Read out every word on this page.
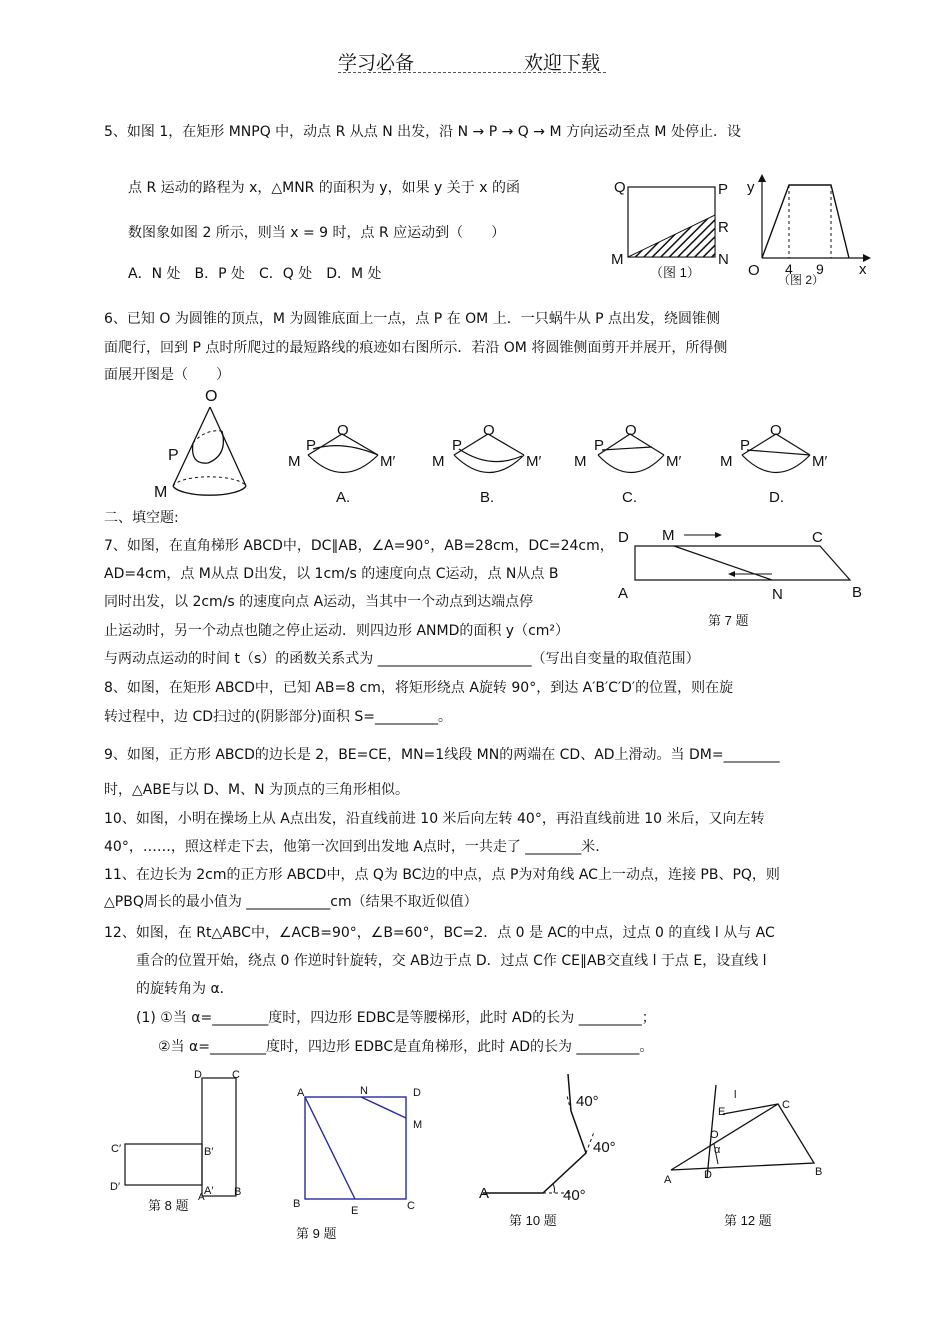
学习必备	欢迎下载
5、如图 1，在矩形 MNPQ 中，动点 R 从点 N 出发，沿 N → P → Q → M 方向运动至点 M 处停止．设
点 R 运动的路程为 x，△MNR 的面积为 y，如果 y 关于 x 的函
数图象如图 2 所示，则当 x = 9 时，点 R 应运动到（　　）
A．N 处　B．P 处　C．Q 处　D．M 处
Q	P
R
M	N
（图 1）
y
O 4 9 x
（图 2）
6、已知 O 为圆锥的顶点，M 为圆锥底面上一点，点 P 在 OM 上．一只蜗牛从 P 点出发，绕圆锥侧
面爬行，回到 P 点时所爬过的最短路线的痕迹如右图所示．若沿 OM 将圆锥侧面剪开并展开，所得侧
面展开图是（　　）
O
P
M
O
P
M	M′
A.
O
P
M	M′
B.
O
P
M	M′
C.
O
P
M	M′
D.
二、填空题:
7、如图，在直角梯形 ABCD中，DC∥AB，∠A=90°，AB=28cm，DC=24cm，
AD=4cm，点 M从点 D出发，以 1cm/s 的速度向点 C运动，点 N从点 B
同时出发，以 2cm/s 的速度向点 A运动，当其中一个动点到达端点停
止运动时，另一个动点也随之停止运动．则四边形 ANMD的面积 y（cm²）
与两动点运动的时间 t（s）的函数关系式为 ______________________（写出自变量的取值范围）
D M	C
A	N	B
第 7 题
8、如图，在矩形 ABCD中，已知 AB=8 cm，将矩形绕点 A旋转 90°，到达 A′B′C′D′的位置，则在旋
转过程中，边 CD扫过的(阴影部分)面积 S=_________。
9、如图，正方形 ABCD的边长是 2，BE=CE，MN=1线段 MN的两端在 CD、AD上滑动。当 DM=________
时，△ABE与以 D、M、N 为顶点的三角形相似。
10、如图，小明在操场上从 A点出发，沿直线前进 10 米后向左转 40°，再沿直线前进 10 米后，又向左转
40°，……，照这样走下去，他第一次回到出发地 A点时，一共走了 ________米.
11、在边长为 2cm的正方形 ABCD中，点 Q为 BC边的中点，点 P为对角线 AC上一动点，连接 PB、PQ，则
△PBQ周长的最小值为 ____________cm（结果不取近似值）
12、如图，在 Rt△ABC中，∠ACB=90°，∠B=60°，BC=2．点 0 是 AC的中点，过点 0 的直线 l 从与 AC
重合的位置开始，绕点 0 作逆时针旋转，交 AB边于点 D．过点 C作 CE∥AB交直线 l 于点 E，设直线 l
的旋转角为 α．
(1) ①当 α=________度时，四边形 EDBC是等腰梯形，此时 AD的长为 _________；
②当 α=________度时，四边形 EDBC是直角梯形，此时 AD的长为 _________。
D	C
C′	B′
D′	A′
A	B
第 8 题
A	N	D
M
B
E	C
第 9 题
40°
40°
40°
A
第 10 题
l
E
C
O
α
A	D	B
第 12 题
